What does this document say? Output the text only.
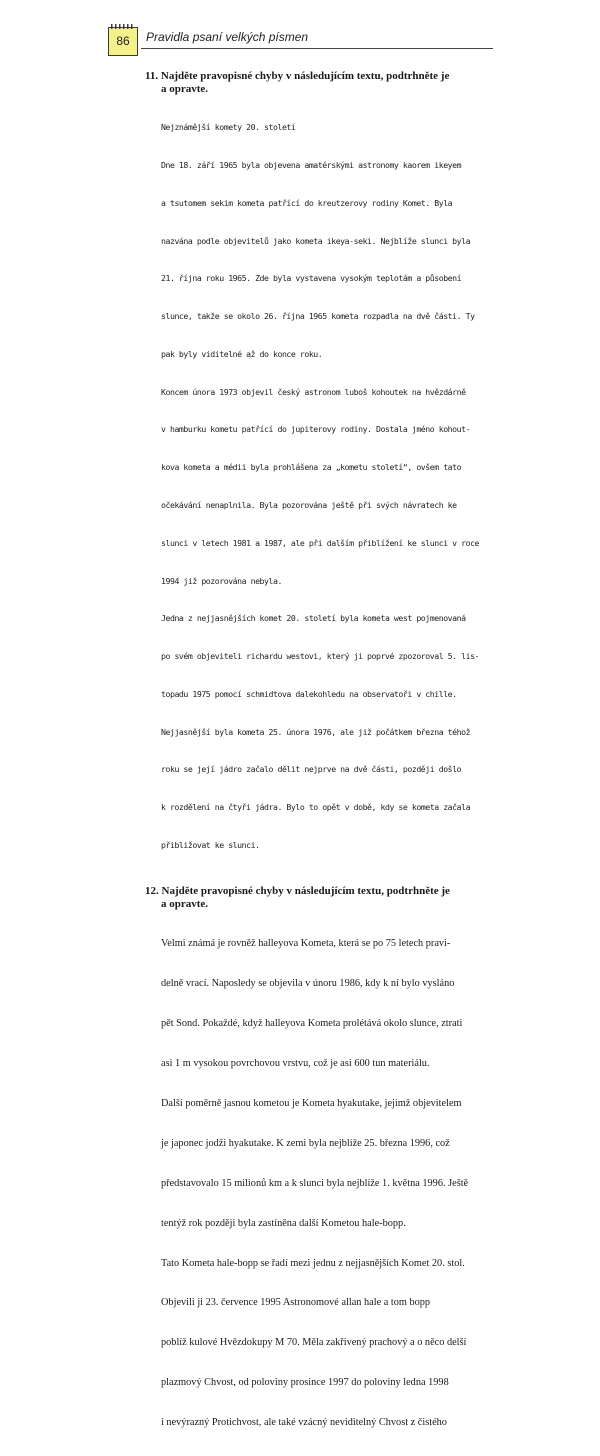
86	Pravidla psaní velkých písmen
11. Najděte pravopisné chyby v následujícím textu, podtrhněte je
a opravte.

Nejznámější komety 20. století

Dne 18. září 1965 byla objevena amatérskými astronomy kaorem ikeyem

a tsutomem sekim kometa patřící do kreutzerovy rodiny Komet. Byla

nazvána podle objevitelů jako kometa ikeya-seki. Nejblíže slunci byla

21. října roku 1965. Zde byla vystavena vysokým teplotám a působení

slunce, takže se okolo 26. října 1965 kometa rozpadla na dvě části. Ty

pak byly viditelné až do konce roku.

Koncem února 1973 objevil český astronom luboš kohoutek na hvězdárně

v hamburku kometu patřící do jupiterovy rodiny. Dostala jméno kohout-

kova kometa a médii byla prohlášena za „kometu století“, ovšem tato

očekávání nenaplnila. Byla pozorována ještě při svých návratech ke

slunci v letech 1981 a 1987, ale při dalším přiblížení ke slunci v roce

1994 již pozorována nebyla.

Jedna z nejjasnějších komet 20. století byla kometa west pojmenovaná

po svém objeviteli richardu westovi, který ji poprvé zpozoroval 5. lis-

topadu 1975 pomocí schmidtova dalekohledu na observatoři v chille.

Nejjasnější byla kometa 25. února 1976, ale již počátkem března téhož

roku se její jádro začalo dělit nejprve na dvě části, později došlo

k rozdělení na čtyři jádra. Bylo to opět v době, kdy se kometa začala

přibližovat ke slunci.

12. Najděte pravopisné chyby v následujícím textu, podtrhněte je
a opravte.

Velmi známá je rovněž halleyova Kometa, která se po 75 letech pravi-

delně vrací. Naposledy se objevila v únoru 1986, kdy k ní bylo vysláno

pět Sond. Pokaždé, když halleyova Kometa prolétává okolo slunce, ztrati

asi 1 m vysokou povrchovou vrstvu, což je asi 600 tun materiálu.

Další poměrně jasnou kometou je Kometa hyakutake, jejímž objevitelem

je japonec jodži hyakutake. K zemi byla nejblíže 25. března 1996, což

představovalo 15 milionů km a k slunci byla nejblíže 1. května 1996. Ještě

tentýž rok později byla zastíněna další Kometou hale-bopp.

Tato Kometa hale-bopp se řadí mezi jednu z nejjasnějších Komet 20. stol.

Objevili ji 23. července 1995 Astronomové allan hale a tom bopp

poblíž kulové Hvězdokupy M 70. Měla zakřivený prachový a o něco delší

plazmový Chvost, od poloviny prosince 1997 do poloviny ledna 1998

i nevýrazný Protichvost, ale také vzácný neviditelný Chvost z čistého
